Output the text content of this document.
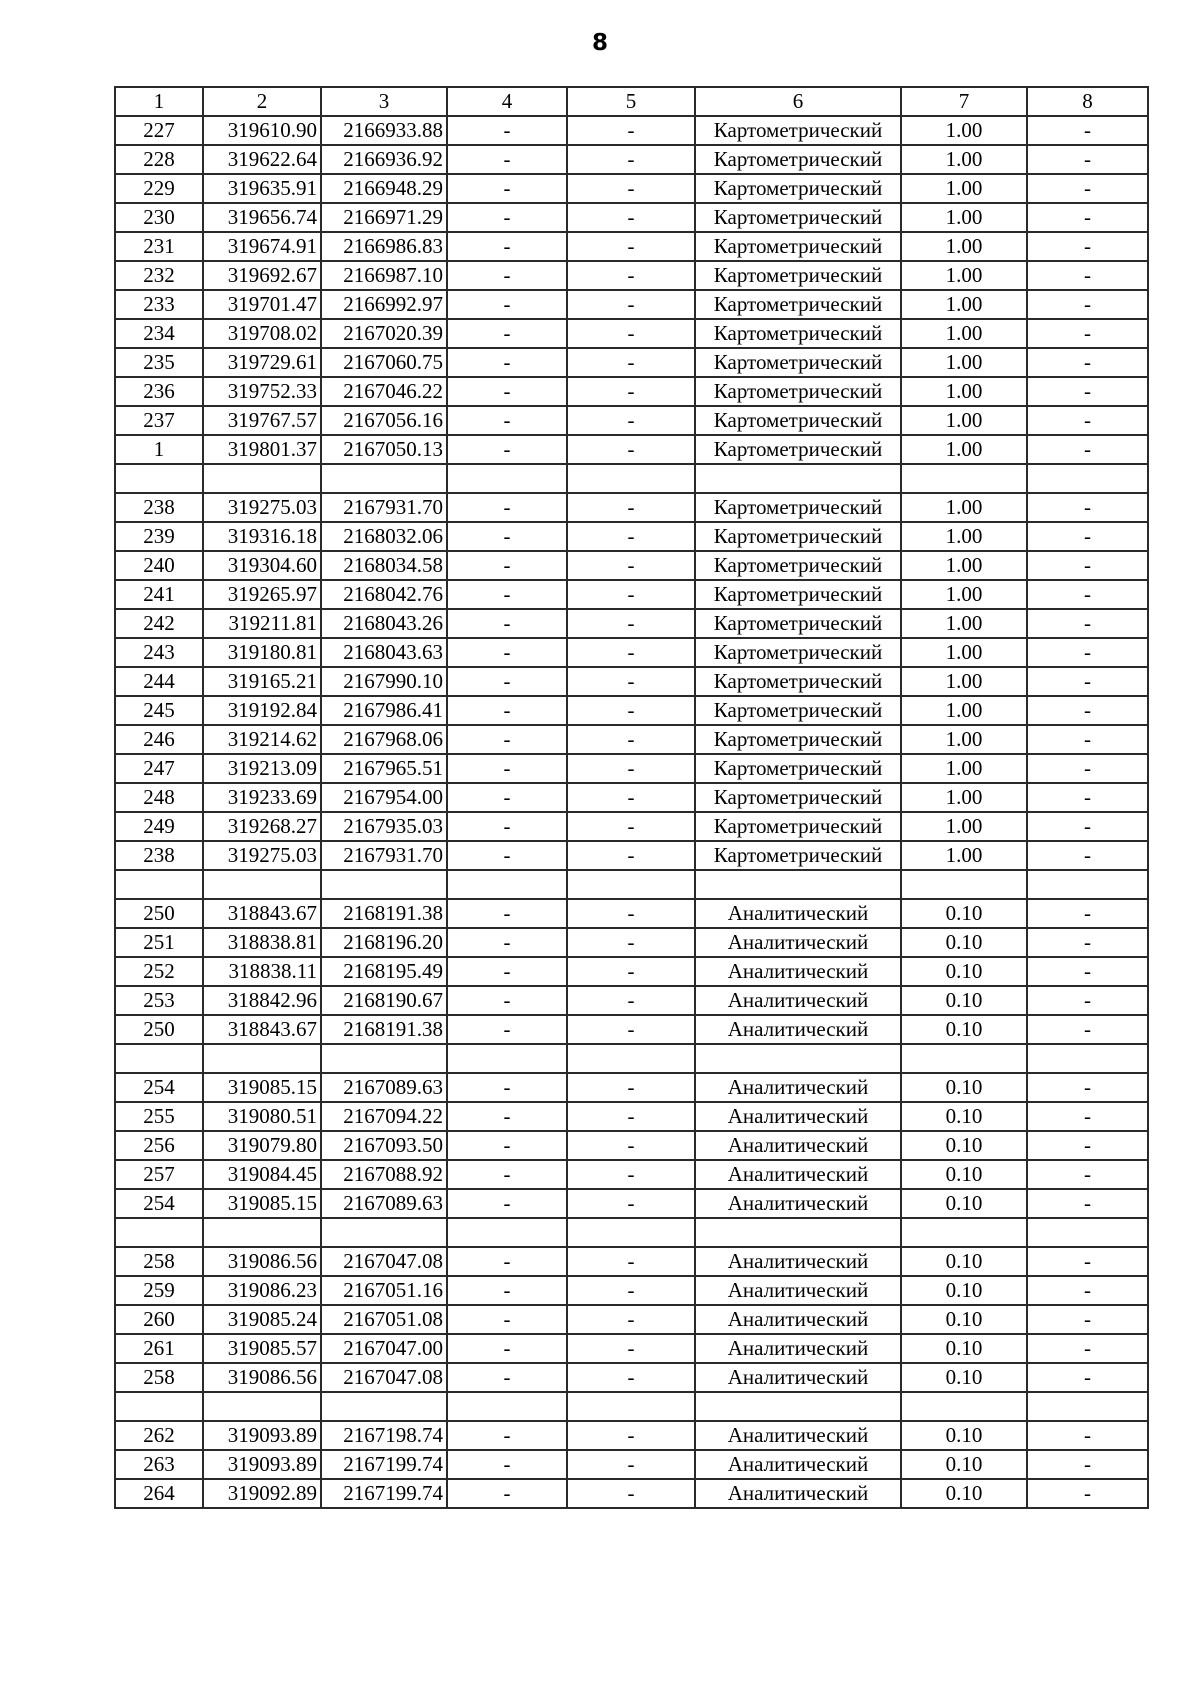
8
1	2	3	4	5	6	7	8
227	319610.90	2166933.88	-	-	Картометрический	1.00	-
228	319622.64	2166936.92	-	-	Картометрический	1.00	-
229	319635.91	2166948.29	-	-	Картометрический	1.00	-
230	319656.74	2166971.29	-	-	Картометрический	1.00	-
231	319674.91	2166986.83	-	-	Картометрический	1.00	-
232	319692.67	2166987.10	-	-	Картометрический	1.00	-
233	319701.47	2166992.97	-	-	Картометрический	1.00	-
234	319708.02	2167020.39	-	-	Картометрический	1.00	-
235	319729.61	2167060.75	-	-	Картометрический	1.00	-
236	319752.33	2167046.22	-	-	Картометрический	1.00	-
237	319767.57	2167056.16	-	-	Картометрический	1.00	-
1	319801.37	2167050.13	-	-	Картометрический	1.00	-

238	319275.03	2167931.70	-	-	Картометрический	1.00	-
239	319316.18	2168032.06	-	-	Картометрический	1.00	-
240	319304.60	2168034.58	-	-	Картометрический	1.00	-
241	319265.97	2168042.76	-	-	Картометрический	1.00	-
242	319211.81	2168043.26	-	-	Картометрический	1.00	-
243	319180.81	2168043.63	-	-	Картометрический	1.00	-
244	319165.21	2167990.10	-	-	Картометрический	1.00	-
245	319192.84	2167986.41	-	-	Картометрический	1.00	-
246	319214.62	2167968.06	-	-	Картометрический	1.00	-
247	319213.09	2167965.51	-	-	Картометрический	1.00	-
248	319233.69	2167954.00	-	-	Картометрический	1.00	-
249	319268.27	2167935.03	-	-	Картометрический	1.00	-
238	319275.03	2167931.70	-	-	Картометрический	1.00	-

250	318843.67	2168191.38	-	-	Аналитический	0.10	-
251	318838.81	2168196.20	-	-	Аналитический	0.10	-
252	318838.11	2168195.49	-	-	Аналитический	0.10	-
253	318842.96	2168190.67	-	-	Аналитический	0.10	-
250	318843.67	2168191.38	-	-	Аналитический	0.10	-

254	319085.15	2167089.63	-	-	Аналитический	0.10	-
255	319080.51	2167094.22	-	-	Аналитический	0.10	-
256	319079.80	2167093.50	-	-	Аналитический	0.10	-
257	319084.45	2167088.92	-	-	Аналитический	0.10	-
254	319085.15	2167089.63	-	-	Аналитический	0.10	-

258	319086.56	2167047.08	-	-	Аналитический	0.10	-
259	319086.23	2167051.16	-	-	Аналитический	0.10	-
260	319085.24	2167051.08	-	-	Аналитический	0.10	-
261	319085.57	2167047.00	-	-	Аналитический	0.10	-
258	319086.56	2167047.08	-	-	Аналитический	0.10	-

262	319093.89	2167198.74	-	-	Аналитический	0.10	-
263	319093.89	2167199.74	-	-	Аналитический	0.10	-
264	319092.89	2167199.74	-	-	Аналитический	0.10	-
